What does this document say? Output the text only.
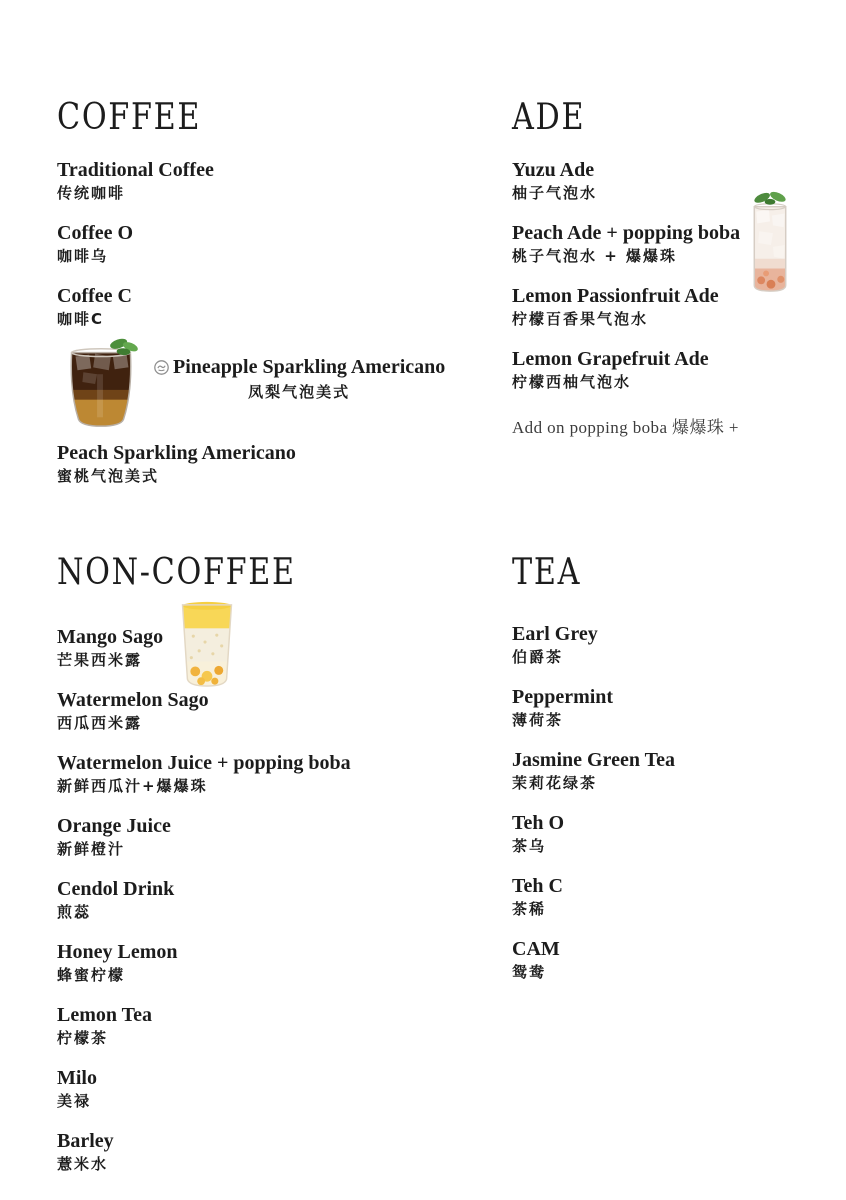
COFFEE
Traditional Coffee
传统咖啡
Coffee O
咖啡乌
Coffee C
咖啡C
Pineapple Sparkling Americano
凤梨气泡美式
Peach Sparkling Americano
蜜桃气泡美式
ADE
Yuzu Ade
柚子气泡水
Peach Ade + popping boba
桃子气泡水 + 爆爆珠
Lemon Passionfruit Ade
柠檬百香果气泡水
Lemon Grapefruit Ade
柠檬西柚气泡水
Add on popping boba 爆爆珠 +
NON-COFFEE
Mango Sago
芒果西米露
Watermelon Sago
西瓜西米露
Watermelon Juice + popping boba
新鲜西瓜汁+爆爆珠
Orange Juice
新鲜橙汁
Cendol Drink
煎蕊
Honey Lemon
蜂蜜柠檬
Lemon Tea
柠檬茶
Milo
美禄
Barley
薏米水
TEA
Earl Grey
伯爵茶
Peppermint
薄荷茶
Jasmine Green Tea
茉莉花绿茶
Teh O
茶乌
Teh C
茶稀
CAM
鸳鸯
